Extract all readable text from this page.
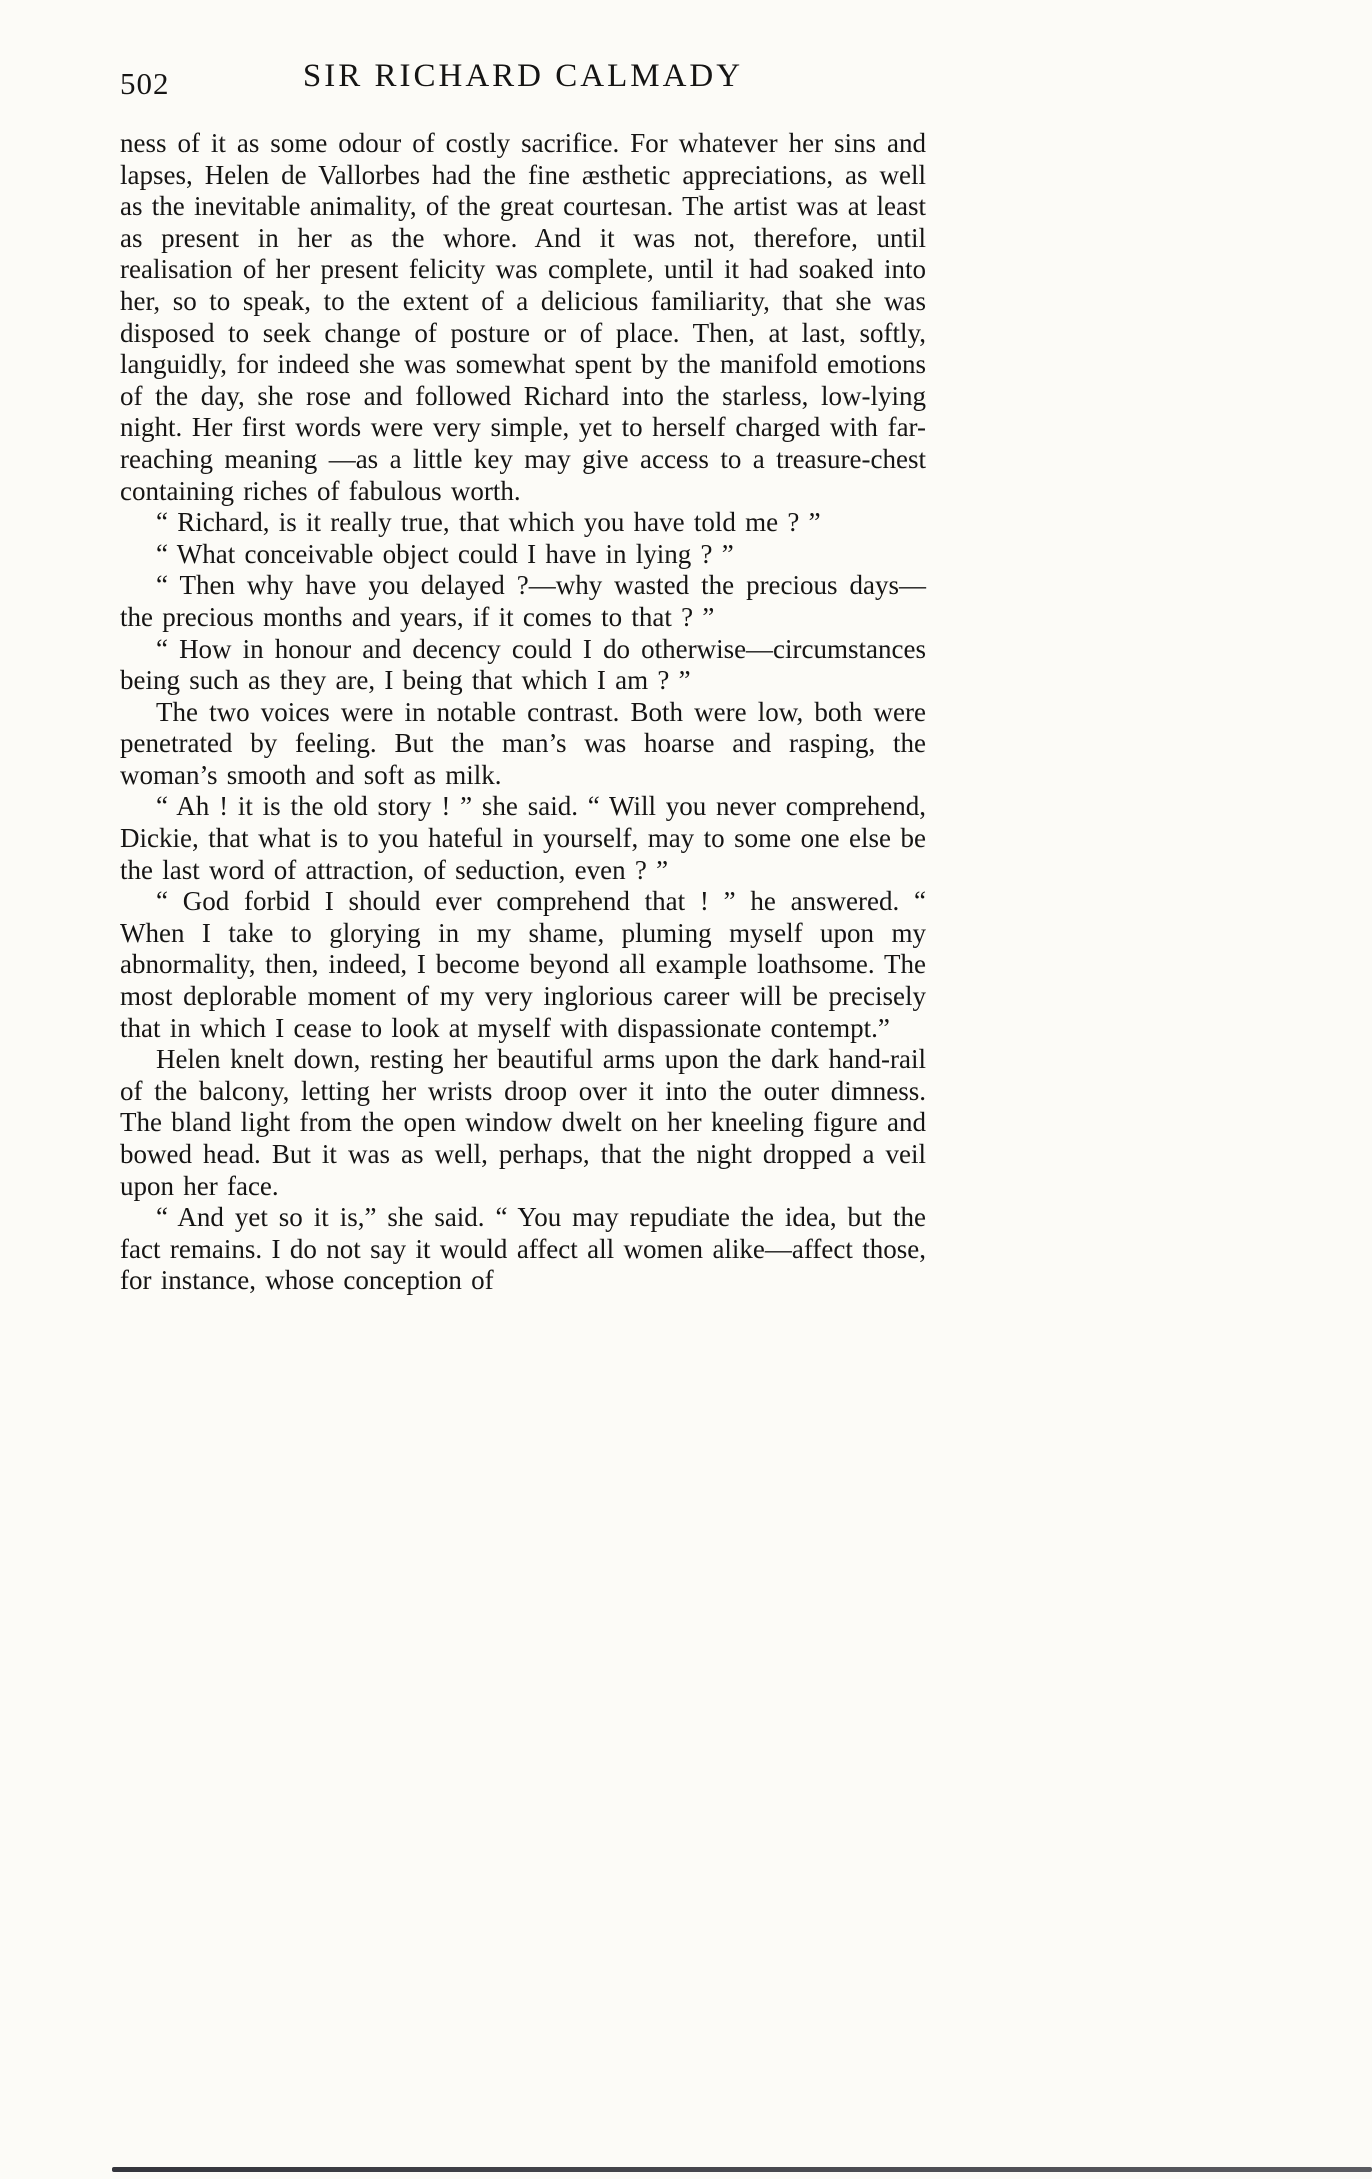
502	SIR RICHARD CALMADY

ness of it as some odour of costly sacrifice. For whatever her sins and lapses, Helen de Vallorbes had the fine æsthetic appreciations, as well as the inevitable animality, of the great courtesan. The artist was at least as present in her as the whore. And it was not, therefore, until realisation of her present felicity was complete, until it had soaked into her, so to speak, to the extent of a delicious familiarity, that she was disposed to seek change of posture or of place. Then, at last, softly, languidly, for indeed she was somewhat spent by the manifold emotions of the day, she rose and followed Richard into the starless, low-lying night. Her first words were very simple, yet to herself charged with far-reaching meaning —as a little key may give access to a treasure-chest containing riches of fabulous worth.

“ Richard, is it really true, that which you have told me ? ”

“ What conceivable object could I have in lying ? ”

“ Then why have you delayed ?—why wasted the precious days—the precious months and years, if it comes to that ? ”

“ How in honour and decency could I do otherwise—circumstances being such as they are, I being that which I am ? ”

The two voices were in notable contrast. Both were low, both were penetrated by feeling. But the man’s was hoarse and rasping, the woman’s smooth and soft as milk.

“ Ah ! it is the old story ! ” she said. “ Will you never comprehend, Dickie, that what is to you hateful in yourself, may to some one else be the last word of attraction, of seduction, even ? ”

“ God forbid I should ever comprehend that ! ” he answered. “ When I take to glorying in my shame, pluming myself upon my abnormality, then, indeed, I become beyond all example loathsome. The most deplorable moment of my very inglorious career will be precisely that in which I cease to look at myself with dispassionate contempt.”

Helen knelt down, resting her beautiful arms upon the dark hand-rail of the balcony, letting her wrists droop over it into the outer dimness. The bland light from the open window dwelt on her kneeling figure and bowed head. But it was as well, perhaps, that the night dropped a veil upon her face.

“ And yet so it is,” she said. “ You may repudiate the idea, but the fact remains. I do not say it would affect all women alike—affect those, for instance, whose conception of
